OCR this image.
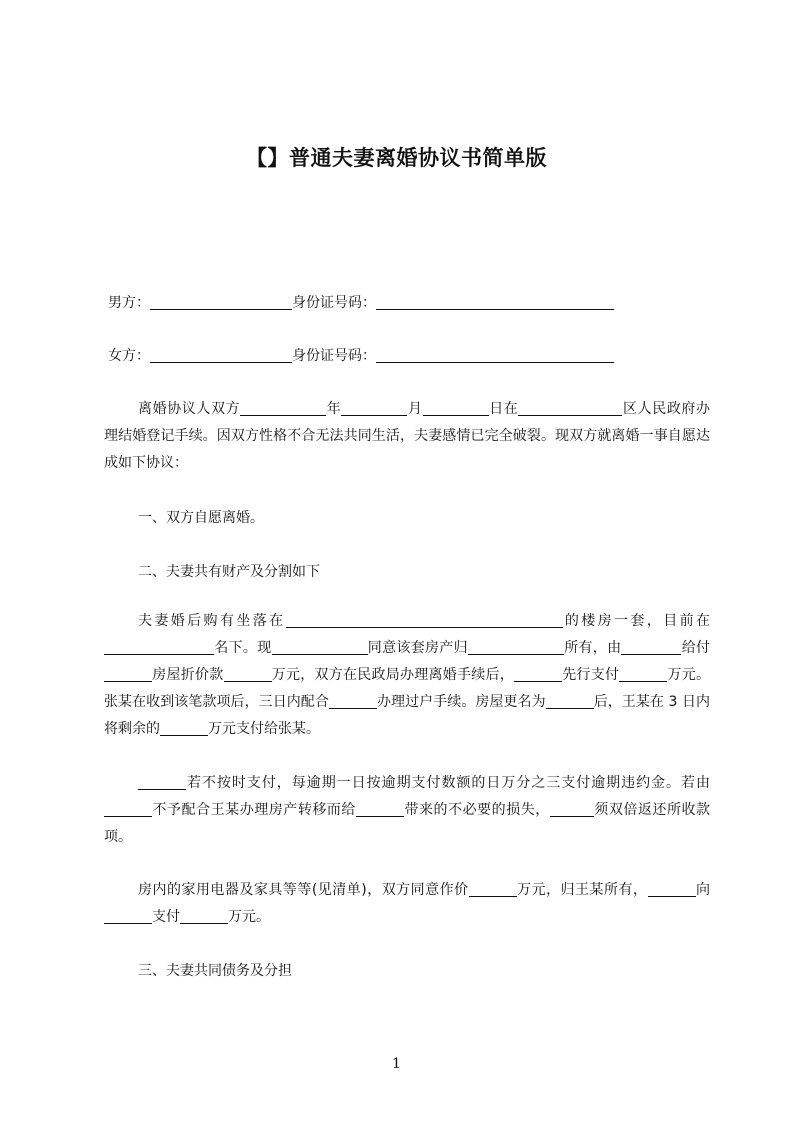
【】普通夫妻离婚协议书简单版
男方：	身份证号码：
女方：	身份证号码：
离婚协议人双方	年	月	日在	区人民政府办理结婚登记手续。因双方性格不合无法共同生活，夫妻感情已完全破裂。现双方就离婚一事自愿达成如下协议：
一、双方自愿离婚。
二、夫妻共有财产及分割如下
夫妻婚后购有坐落在	的楼房一套，目前在名下。现	同意该套房产归	所有，由	给付房屋折价款	万元，双方在民政局办理离婚手续后，	先行支付	万元。张某在收到该笔款项后，三日内配合	办理过户手续。房屋更名为	后，王某在 3 日内将剩余的	万元支付给张某。
若不按时支付，每逾期一日按逾期支付数额的日万分之三支付逾期违约金。若由不予配合王某办理房产转移而给	带来的不必要的损失，	须双倍返还所收款项。
房内的家用电器及家具等等(见清单)，双方同意作价	万元，归王某所有，	向支付	万元。
三、夫妻共同债务及分担
1
